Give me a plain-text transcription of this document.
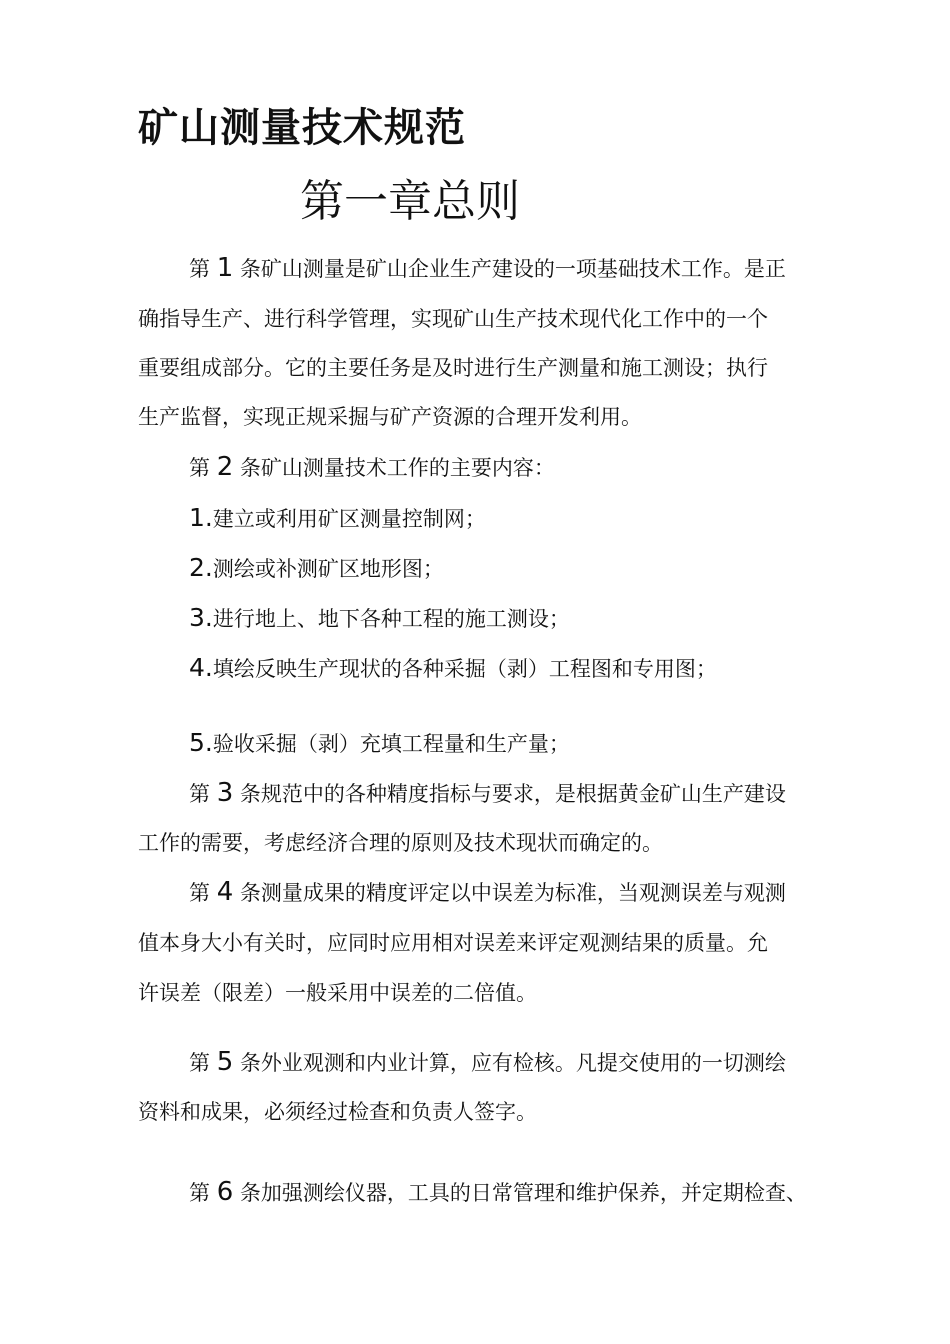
矿山测量技术规范
第一章总则
第 1 条矿山测量是矿山企业生产建设的一项基础技术工作。是正
确指导生产、进行科学管理，实现矿山生产技术现代化工作中的一个
重要组成部分。它的主要任务是及时进行生产测量和施工测设；执行
生产监督，实现正规采掘与矿产资源的合理开发利用。
第 2 条矿山测量技术工作的主要内容：
1.建立或利用矿区测量控制网；
2.测绘或补测矿区地形图；
3.进行地上、地下各种工程的施工测设；
4.填绘反映生产现状的各种采掘（剥）工程图和专用图；
5.验收采掘（剥）充填工程量和生产量；
第 3 条规范中的各种精度指标与要求，是根据黄金矿山生产建设
工作的需要，考虑经济合理的原则及技术现状而确定的。
第 4 条测量成果的精度评定以中误差为标准，当观测误差与观测
值本身大小有关时，应同时应用相对误差来评定观测结果的质量。允
许误差（限差）一般采用中误差的二倍值。
第 5 条外业观测和内业计算，应有检核。凡提交使用的一切测绘
资料和成果，必须经过检查和负责人签字。
第 6 条加强测绘仪器，工具的日常管理和维护保养，并定期检查、
